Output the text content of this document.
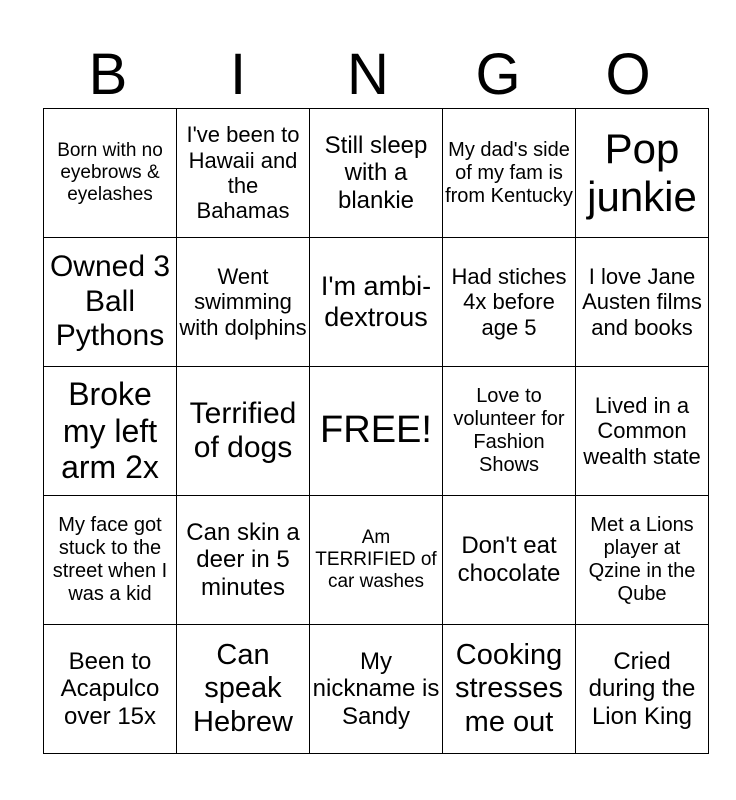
B	I	N	G	O
Born with no eyebrows & eyelashes	I've been to Hawaii and the Bahamas	Still sleep with a blankie	My dad's side of my fam is from Kentucky	Pop junkie
Owned 3 Ball Pythons	Went swimming with dolphins	I'm ambi-dextrous	Had stiches 4x before age 5	I love Jane Austen films and books
Broke my left arm 2x	Terrified of dogs	FREE!	Love to volunteer for Fashion Shows	Lived in a Common wealth state
My face got stuck to the street when I was a kid	Can skin a deer in 5 minutes	Am TERRIFIED of car washes	Don't eat chocolate	Met a Lions player at Qzine in the Qube
Been to Acapulco over 15x	Can speak Hebrew	My nickname is Sandy	Cooking stresses me out	Cried during the Lion King
